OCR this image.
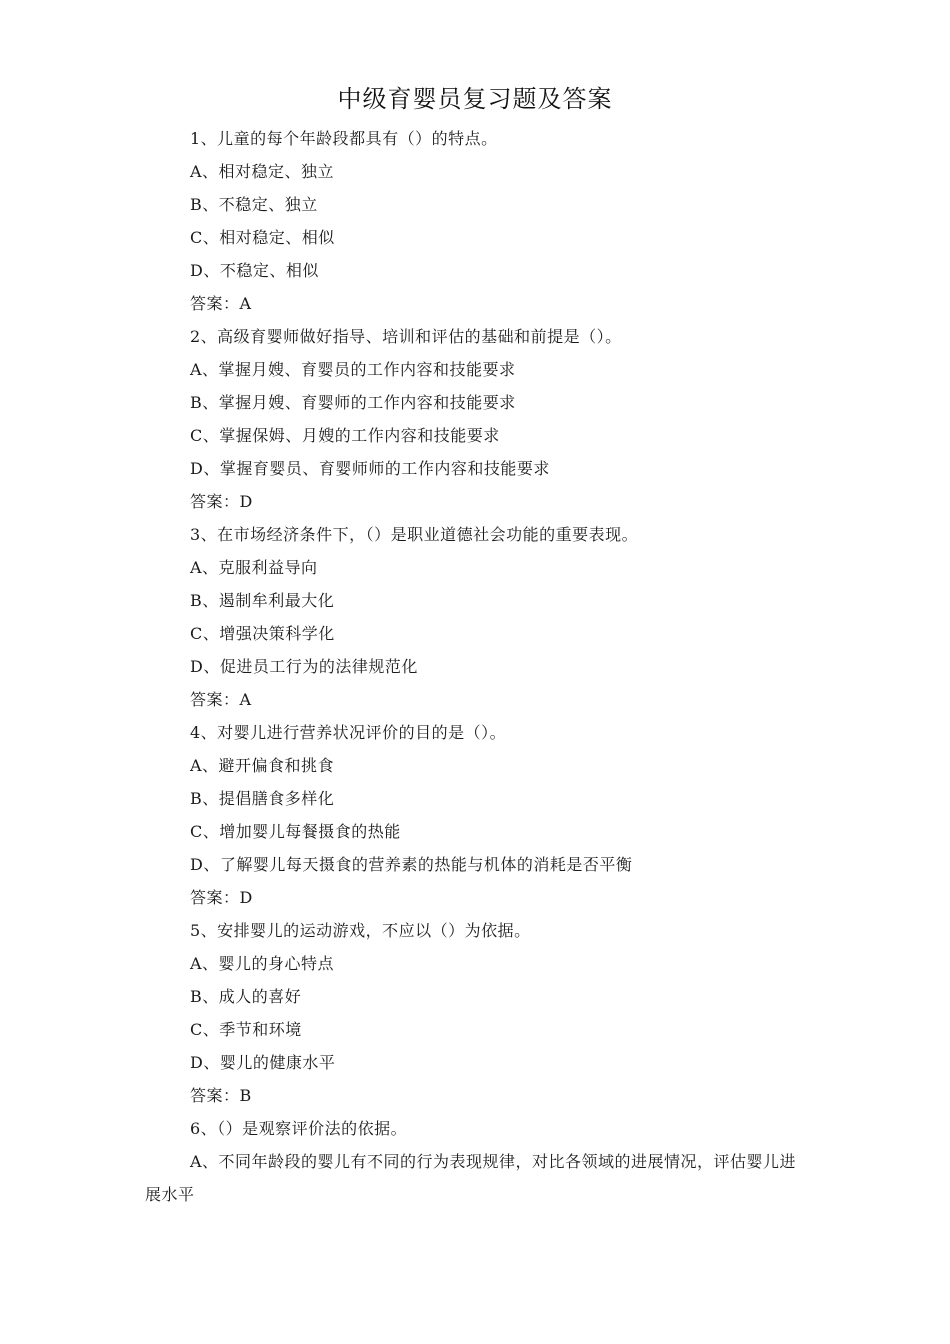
中级育婴员复习题及答案
1、儿童的每个年龄段都具有（）的特点。
A、相对稳定、独立
B、不稳定、独立
C、相对稳定、相似
D、不稳定、相似
答案：A
2、高级育婴师做好指导、培训和评估的基础和前提是（）。
A、掌握月嫂、育婴员的工作内容和技能要求
B、掌握月嫂、育婴师的工作内容和技能要求
C、掌握保姆、月嫂的工作内容和技能要求
D、掌握育婴员、育婴师师的工作内容和技能要求
答案：D
3、在市场经济条件下，（）是职业道德社会功能的重要表现。
A、克服利益导向
B、遏制牟利最大化
C、增强决策科学化
D、促进员工行为的法律规范化
答案：A
4、对婴儿进行营养状况评价的目的是（）。
A、避开偏食和挑食
B、提倡膳食多样化
C、增加婴儿每餐摄食的热能
D、了解婴儿每天摄食的营养素的热能与机体的消耗是否平衡
答案：D
5、安排婴儿的运动游戏，不应以（）为依据。
A、婴儿的身心特点
B、成人的喜好
C、季节和环境
D、婴儿的健康水平
答案：B
6、（）是观察评价法的依据。
A、不同年龄段的婴儿有不同的行为表现规律，对比各领域的进展情况，评估婴儿进展水平
